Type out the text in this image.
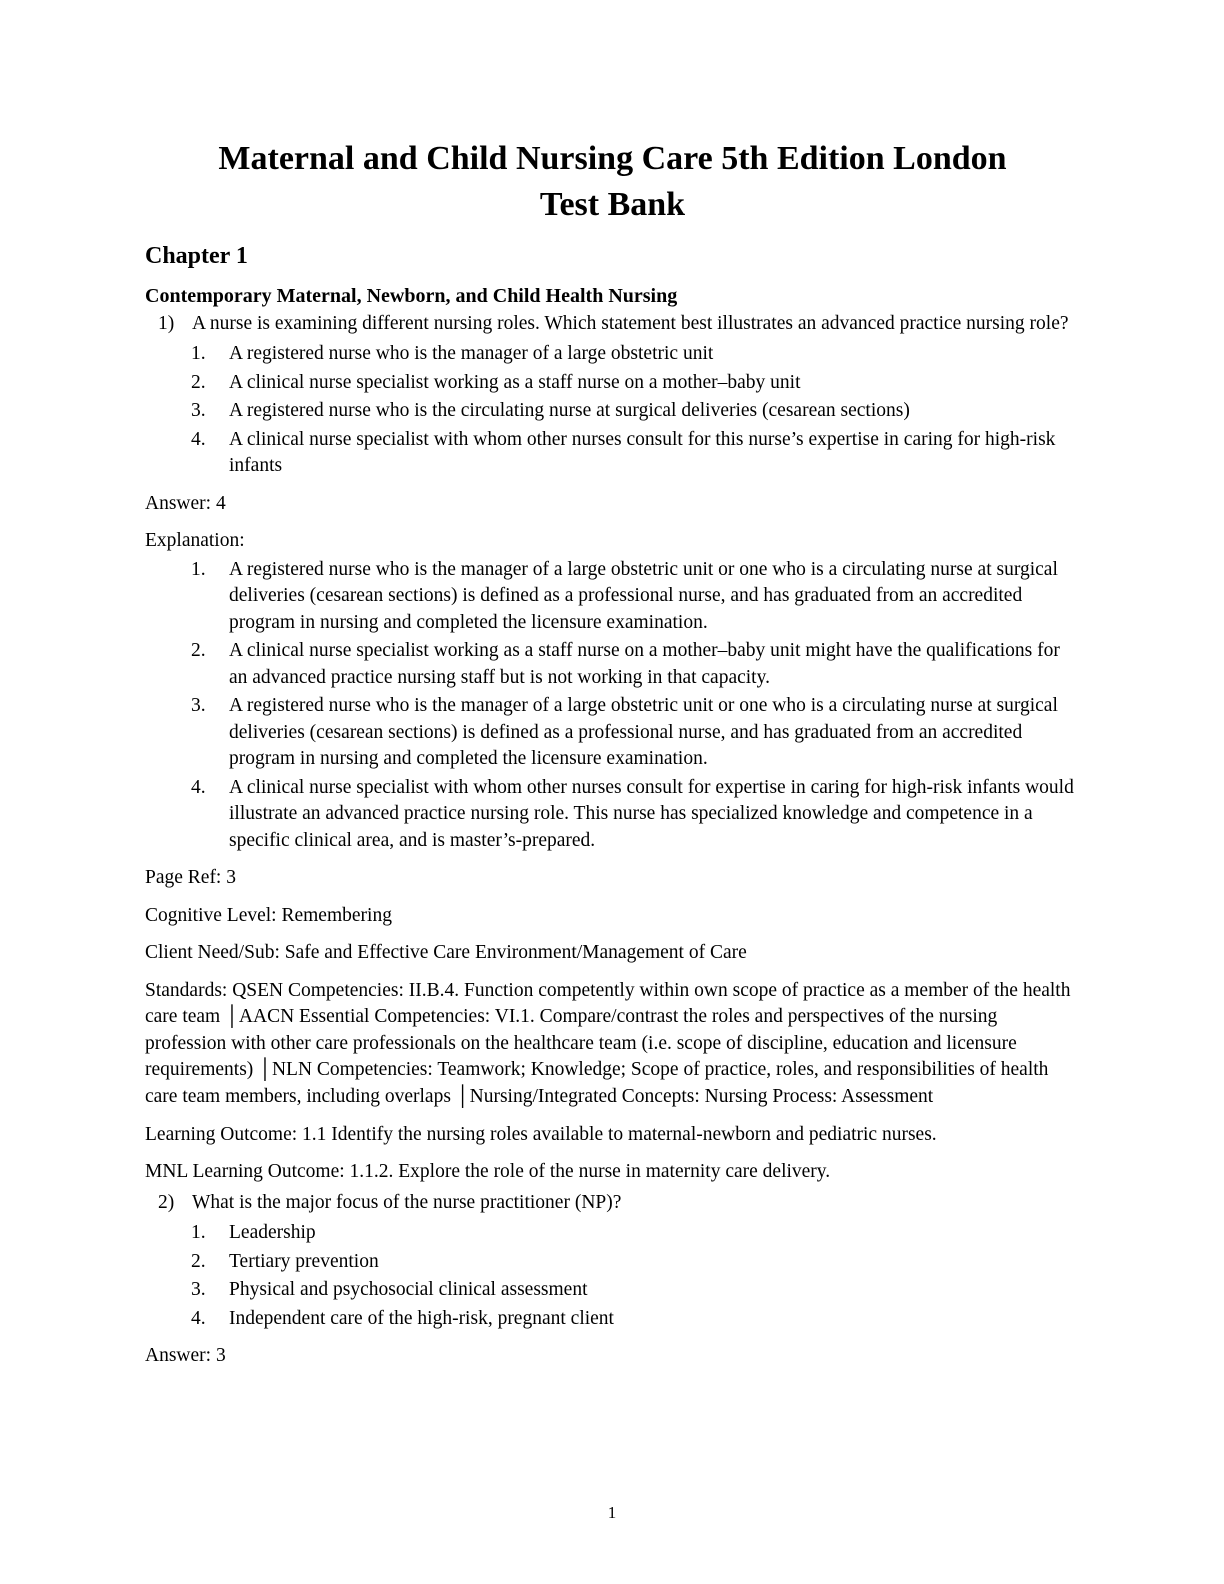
Maternal and Child Nursing Care 5th Edition London
Test Bank
Chapter 1
Contemporary Maternal, Newborn, and Child Health Nursing
1) A nurse is examining different nursing roles. Which statement best illustrates an advanced practice nursing role?
1.	A registered nurse who is the manager of a large obstetric unit
2.	A clinical nurse specialist working as a staff nurse on a mother–baby unit
3.	A registered nurse who is the circulating nurse at surgical deliveries (cesarean sections)
4.	A clinical nurse specialist with whom other nurses consult for this nurse’s expertise in caring for high-risk infants
Answer: 4
Explanation:
1.	A registered nurse who is the manager of a large obstetric unit or one who is a circulating nurse at surgical deliveries (cesarean sections) is defined as a professional nurse, and has graduated from an accredited program in nursing and completed the licensure examination.
2.	A clinical nurse specialist working as a staff nurse on a mother–baby unit might have the qualifications for an advanced practice nursing staff but is not working in that capacity.
3.	A registered nurse who is the manager of a large obstetric unit or one who is a circulating nurse at surgical deliveries (cesarean sections) is defined as a professional nurse, and has graduated from an accredited program in nursing and completed the licensure examination.
4.	A clinical nurse specialist with whom other nurses consult for expertise in caring for high-risk infants would illustrate an advanced practice nursing role. This nurse has specialized knowledge and competence in a specific clinical area, and is master’s-prepared.
Page Ref: 3
Cognitive Level: Remembering
Client Need/Sub: Safe and Effective Care Environment/Management of Care
Standards: QSEN Competencies: II.B.4. Function competently within own scope of practice as a member of the health care team │AACN Essential Competencies: VI.1. Compare/contrast the roles and perspectives of the nursing profession with other care professionals on the healthcare team (i.e. scope of discipline, education and licensure requirements) │NLN Competencies: Teamwork; Knowledge; Scope of practice, roles, and responsibilities of health care team members, including overlaps │Nursing/Integrated Concepts: Nursing Process: Assessment
Learning Outcome: 1.1 Identify the nursing roles available to maternal-newborn and pediatric nurses.
MNL Learning Outcome: 1.1.2. Explore the role of the nurse in maternity care delivery.
2) What is the major focus of the nurse practitioner (NP)?
1.	Leadership
2.	Tertiary prevention
3.	Physical and psychosocial clinical assessment
4.	Independent care of the high-risk, pregnant client
Answer: 3
1
